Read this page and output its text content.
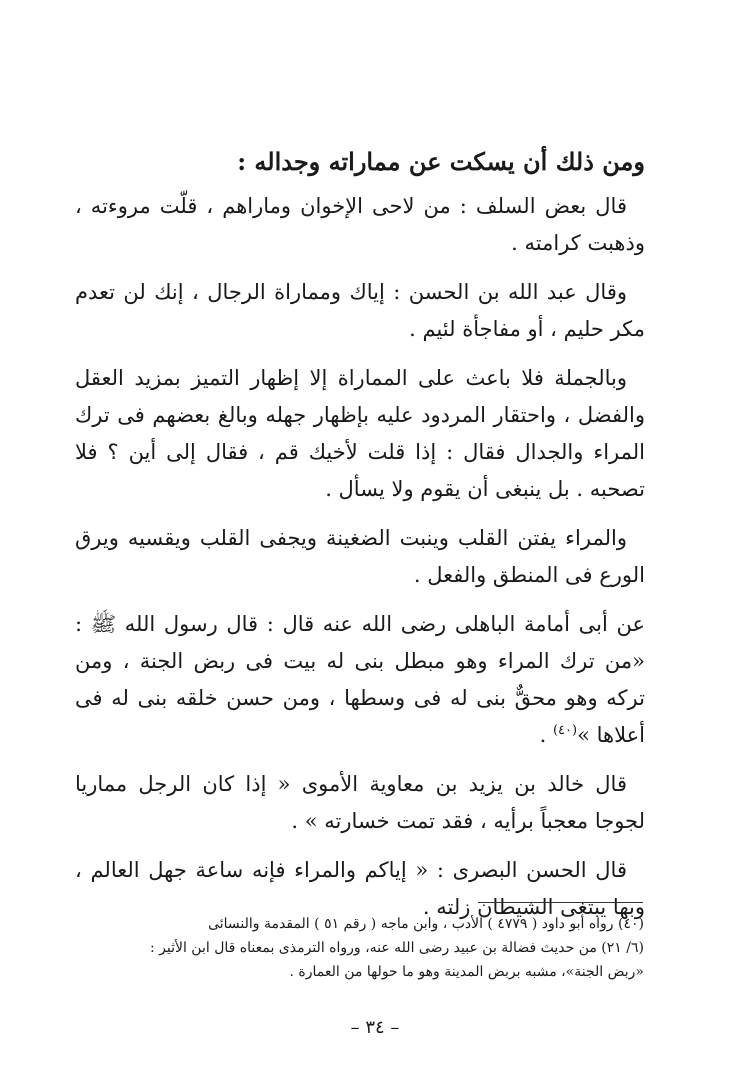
ومن ذلك أن يسكت عن مماراته وجداله :

قال بعض السلف : من لاحى الإخوان وماراهم ، قلّت مروءته ، وذهبت كرامته .

وقال عبد الله بن الحسن : إياك ومماراة الرجال ، إنك لن تعدم مكر حليم ، أو مفاجأة لئيم .

وبالجملة فلا باعث على المماراة إلا إظهار التميز بمزيد العقل والفضل ، واحتقار المردود عليه بإظهار جهله وبالغ بعضهم فى ترك المراء والجدال فقال : إذا قلت لأخيك قم ، فقال إلى أين ؟ فلا تصحبه . بل ينبغى أن يقوم ولا يسأل .

والمراء يفتن القلب وينبت الضغينة ويجفى القلب ويقسيه ويرق الورع فى المنطق والفعل .

عن أبى أمامة الباهلى رضى الله عنه قال : قال رسول الله ﷺ : «من ترك المراء وهو مبطل بنى له بيت فى ربض الجنة ، ومن تركه وهو محقٌّ بنى له فى وسطها ، ومن حسن خلقه بنى له فى أعلاها »$^{(٤٠)}$ .

قال خالد بن يزيد بن معاوية الأموى « إذا كان الرجل مماريا لجوجا معجباً برأيه ، فقد تمت خسارته » .

قال الحسن البصرى : « إياكم والمراء فإنه ساعة جهل العالم ، وبها يبتغى الشيطان زلته .

(٤٠) رواه أبو داود ( ٤٧٧٩ ) الأدب ، وابن ماجه ( رقم ٥١ ) المقدمة والنسائى

(٦/ ٢١) من حديث فضالة بن عبيد رضى الله عنه، ورواه الترمذى بمعناه قال ابن الأثير :

«ربض الجنة»، مشبه بربض المدينة وهو ما حولها من العمارة .

– ٣٤ –
